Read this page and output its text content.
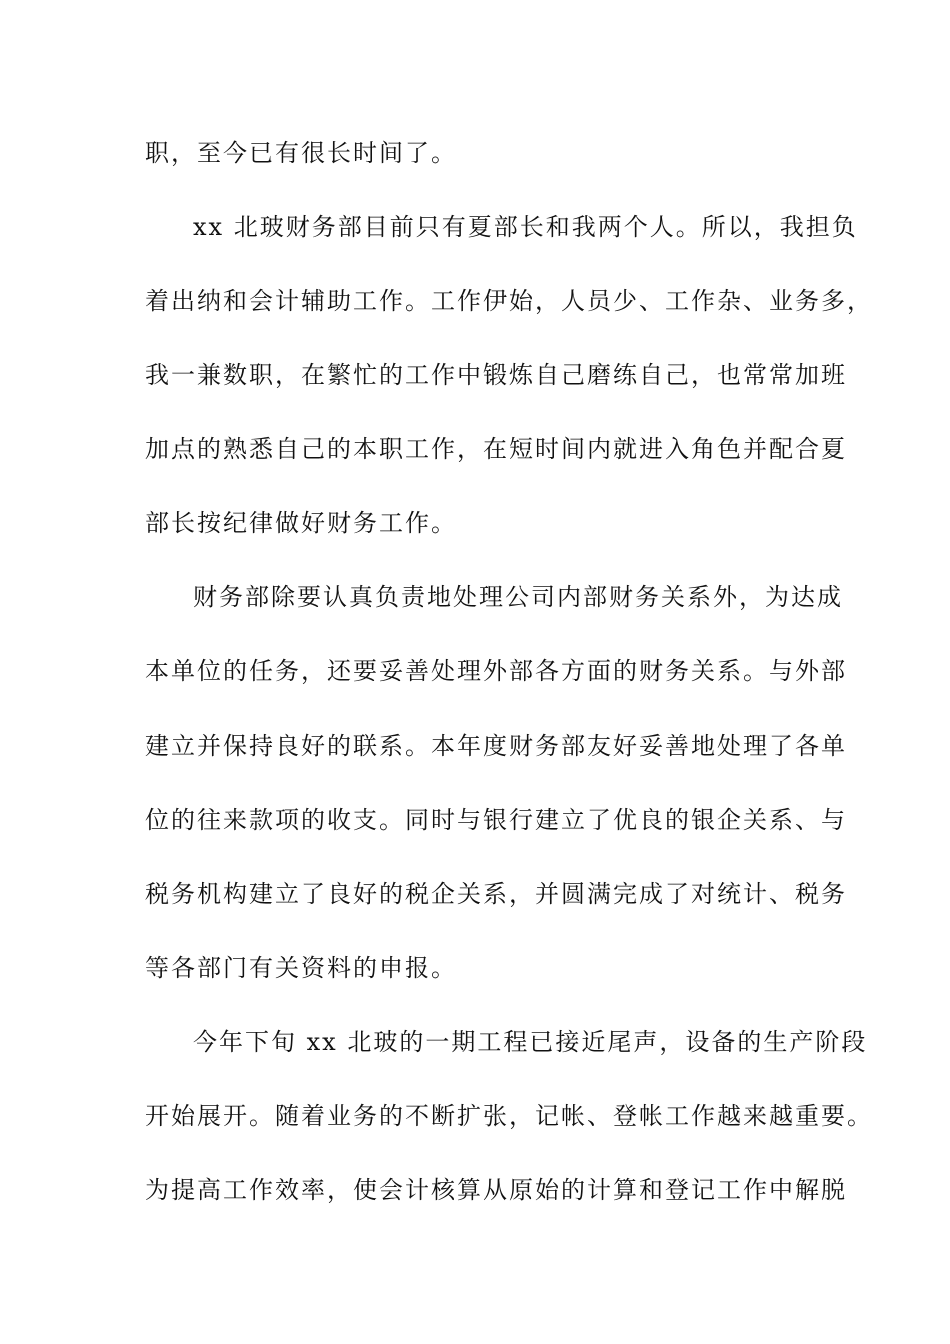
职，至今已有很长时间了。
xx 北玻财务部目前只有夏部长和我两个人。所以，我担负
着出纳和会计辅助工作。工作伊始，人员少、工作杂、业务多，
我一兼数职，在繁忙的工作中锻炼自己磨练自己，也常常加班
加点的熟悉自己的本职工作，在短时间内就进入角色并配合夏
部长按纪律做好财务工作。
财务部除要认真负责地处理公司内部财务关系外，为达成
本单位的任务，还要妥善处理外部各方面的财务关系。与外部
建立并保持良好的联系。本年度财务部友好妥善地处理了各单
位的往来款项的收支。同时与银行建立了优良的银企关系、与
税务机构建立了良好的税企关系，并圆满完成了对统计、税务
等各部门有关资料的申报。
今年下旬 xx 北玻的一期工程已接近尾声，设备的生产阶段
开始展开。随着业务的不断扩张，记帐、登帐工作越来越重要。
为提高工作效率，使会计核算从原始的计算和登记工作中解脱
